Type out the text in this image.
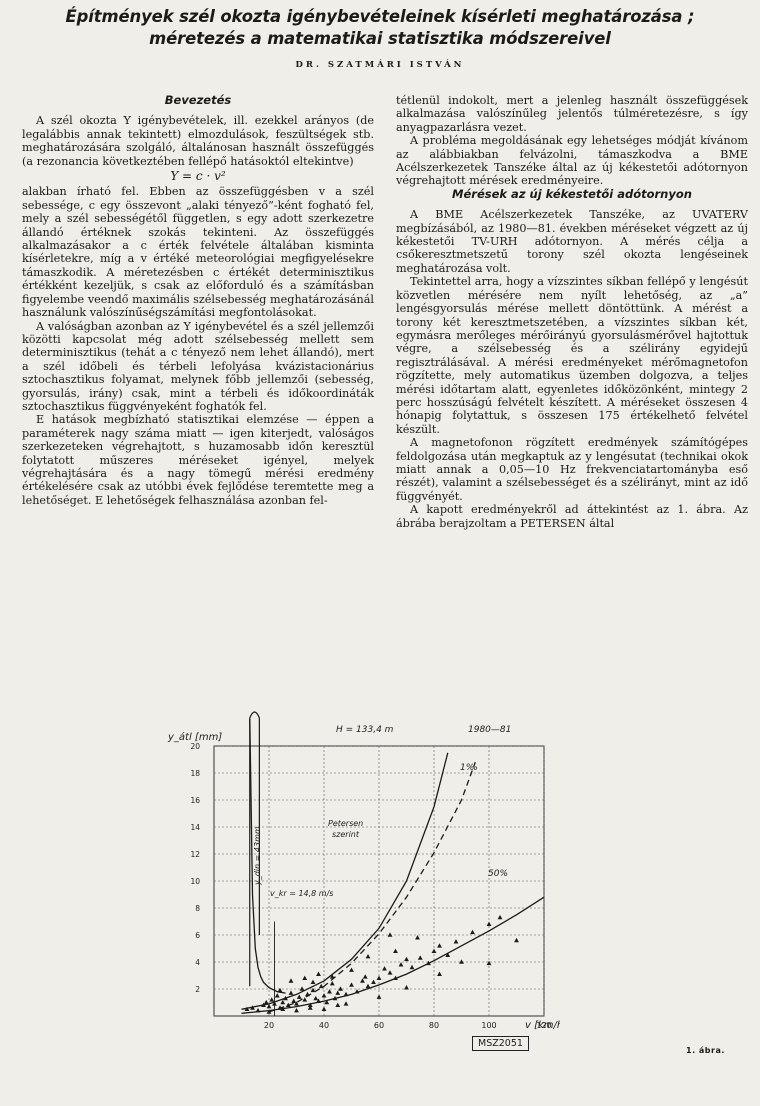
Építmények szél okozta igénybevételeinek kísérleti meghatározása ;
méretezés a matematikai statisztika módszereivel
DR. SZATMÁRI ISTVÁN
Bevezetés

A szél okozta Y igénybevételek, ill. ezekkel arányos (de legalábbis annak tekintett) elmozdulások, feszültségek stb. meghatározására szolgáló, általánosan használt összefüggés (a rezonancia következtében fellépő hatásoktól eltekintve)

Y = c · v²

alakban írható fel. Ebben az összefüggésben v a szél sebessége, c egy összevont „alaki tényező”-ként fogható fel, mely a szél sebességétől független, s egy adott szerkezetre állandó értéknek szokás tekinteni. Az összefüggés alkalmazásakor a c érték felvétele általában kisminta kísérletekre, míg a v értéké meteorológiai megfigyelésekre támaszkodik. A méretezésben c értékét determinisztikus értékként kezeljük, s csak az előforduló és a számításban figyelembe veendő maximális szélsebesség meghatározásánál használunk valószínűségszámítási megfontolásokat.

A valóságban azonban az Y igénybevétel és a szél jellemzői közötti kapcsolat még adott szélsebesség mellett sem determinisztikus (tehát a c tényező nem lehet állandó), mert a szél időbeli és térbeli lefolyása kvázistacionárius sztochasztikus folyamat, melynek főbb jellemzői (sebesség, gyorsulás, irány) csak, mint a térbeli és időkoordináták sztochasztikus függvényeként foghatók fel.

E hatások megbízható statisztikai elemzése — éppen a paraméterek nagy száma miatt — igen kiterjedt, valóságos szerkezeteken végrehajtott, s huzamosabb időn keresztül folytatott műszeres méréseket igényel, melyek végrehajtására és a nagy tömegű mérési eredmény értékelésére csak az utóbbi évek fejlődése teremtette meg a lehetőséget. E lehetőségek felhasználása azonban fel-

tétlenül indokolt, mert a jelenleg használt összefüggések alkalmazása valószínűleg jelentős túlméretezésre, s így anyagpazarlásra vezet.

A probléma megoldásának egy lehetséges módját kívánom az alábbiakban felvázolni, támaszkodva a BME Acélszerkezetek Tanszéke által az új kékestetői adótornyon végrehajtott mérések eredményeire.

Mérések az új kékestetői adótornyon

A BME Acélszerkezetek Tanszéke, az UVATERV megbízásából, az 1980—81. években méréseket végzett az új kékestetői TV-URH adótornyon. A mérés célja a csőkeresztmetszetű torony szél okozta lengéseinek meghatározása volt.

Tekintettel arra, hogy a vízszintes síkban fellépő y lengésút közvetlen mérésére nem nyílt lehetőség, az „a” lengésgyorsulás mérése mellett döntöttünk. A mérést a torony két keresztmetszetében, a vízszintes síkban két, egymásra merőleges mérőirányú gyorsulásmérővel hajtottuk végre, a szélsebesség és a szélirány egyidejű regisztrálásával. A mérési eredményeket mérőmagnetofon rögzítette, mely automatikus üzemben dolgozva, a teljes mérési időtartam alatt, egyenletes időközönként, mintegy 2 perc hosszúságú felvételt készített. A méréseket összesen 4 hónapig folytattuk, s összesen 175 értékelhető felvétel készült.

A magnetofonon rögzített eredmények számítógépes feldolgozása után megkaptuk az y lengésutat (technikai okok miatt annak a 0,05—10 Hz frekvenciatartományba eső részét), valamint a szélsebességet és a szélirányt, mint az idő függvényét.

A kapott eredményekről ad áttekintést az 1. ábra. Az ábrába berajzoltam a PETERSEN által

20	40	60	80	100	120
2
4
6
8
10
12
14
16
18
20
y_átl [mm]
v [km/
H = 133,4 m	1980—81
1‰
50%
Petersen
szerint
v_kr = 14,8 m/s
y_din = 43mm
MSZ2051
1. ábra.
